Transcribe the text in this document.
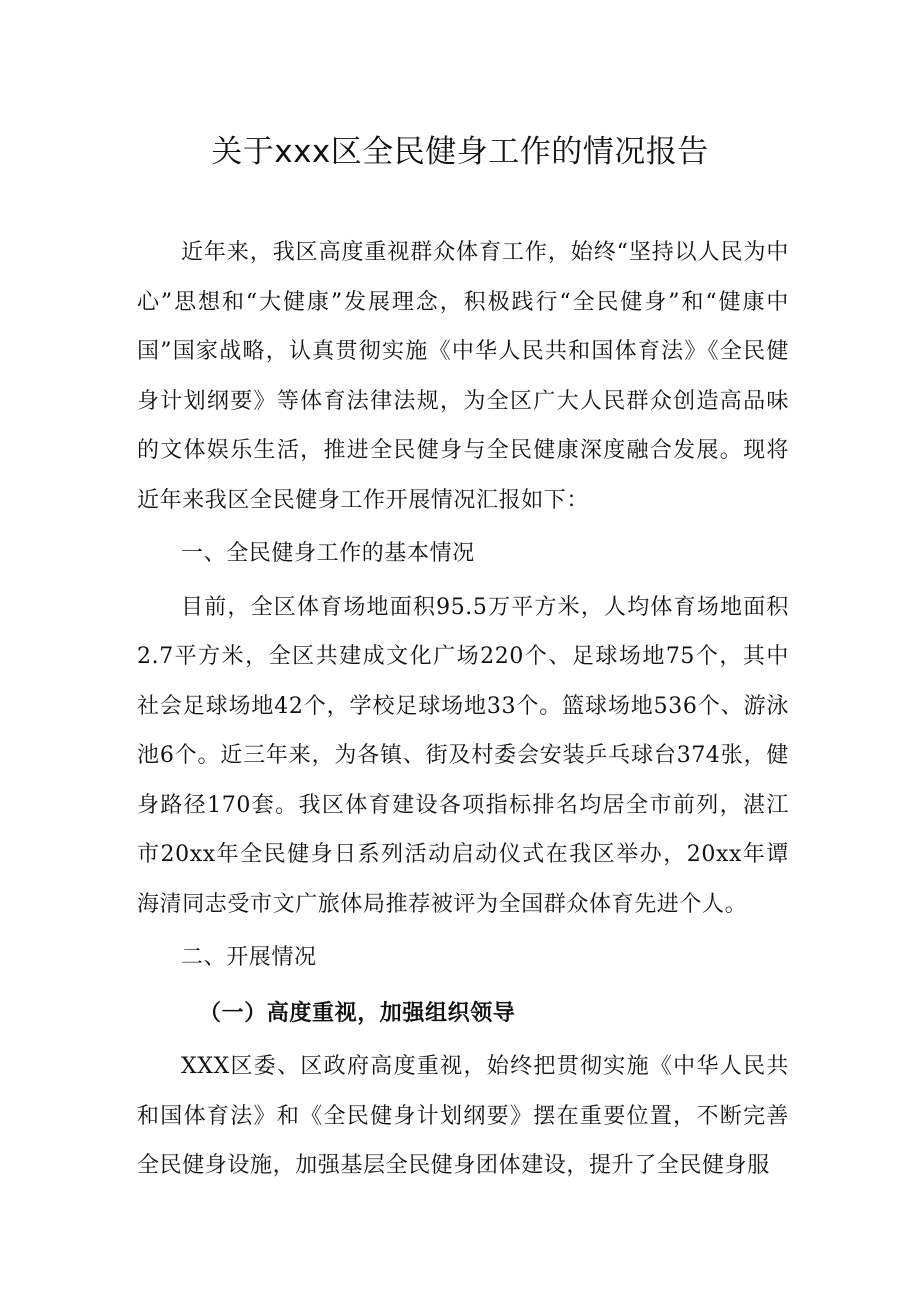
关于xxx区全民健身工作的情况报告

近年来，我区高度重视群众体育工作，始终“坚持以人民为中心”思想和“大健康”发展理念，积极践行“全民健身”和“健康中国”国家战略，认真贯彻实施《中华人民共和国体育法》《全民健身计划纲要》等体育法律法规，为全区广大人民群众创造高品味的文体娱乐生活，推进全民健身与全民健康深度融合发展。现将近年来我区全民健身工作开展情况汇报如下：

一、全民健身工作的基本情况

目前，全区体育场地面积95.5万平方米，人均体育场地面积2.7平方米，全区共建成文化广场220个、足球场地75个，其中社会足球场地42个，学校足球场地33个。篮球场地536个、游泳池6个。近三年来，为各镇、街及村委会安装乒乓球台374张，健身路径170套。我区体育建设各项指标排名均居全市前列，湛江市20xx年全民健身日系列活动启动仪式在我区举办，20xx年谭海清同志受市文广旅体局推荐被评为全国群众体育先进个人。

二、开展情况

（一）高度重视，加强组织领导

XXX区委、区政府高度重视，始终把贯彻实施《中华人民共和国体育法》和《全民健身计划纲要》摆在重要位置，不断完善全民健身设施，加强基层全民健身团体建设，提升了全民健身服
